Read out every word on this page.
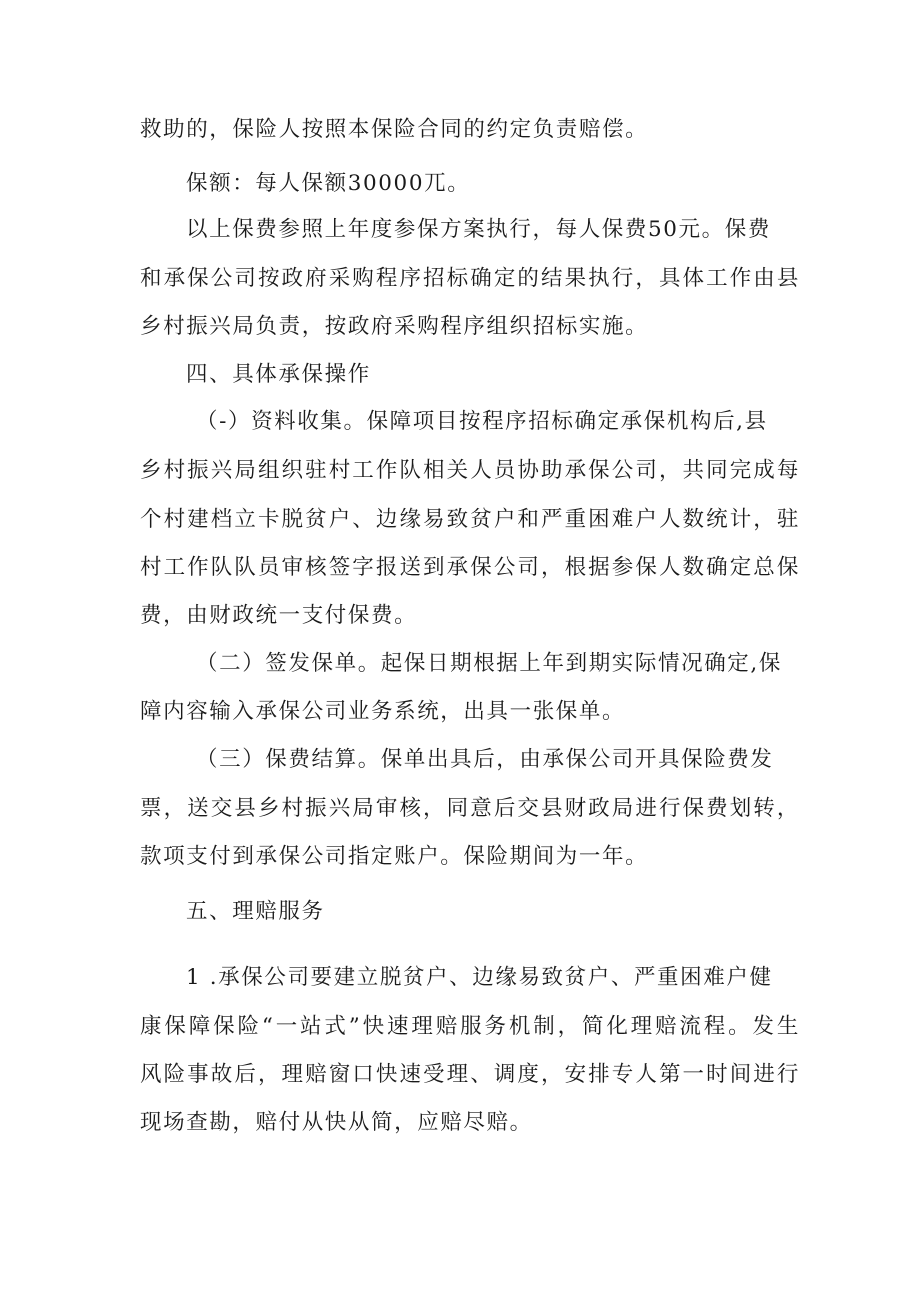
救助的，保险人按照本保险合同的约定负责赔偿。
保额：每人保额30000兀。
以上保费参照上年度参保方案执行，每人保费50元。保费
和承保公司按政府采购程序招标确定的结果执行，具体工作由县
乡村振兴局负责，按政府采购程序组织招标实施。
四、具体承保操作
（-）资料收集。保障项目按程序招标确定承保机构后,县
乡村振兴局组织驻村工作队相关人员协助承保公司，共同完成每
个村建档立卡脱贫户、边缘易致贫户和严重困难户人数统计，驻
村工作队队员审核签字报送到承保公司，根据参保人数确定总保
费，由财政统一支付保费。
（二）签发保单。起保日期根据上年到期实际情况确定,保
障内容输入承保公司业务系统，出具一张保单。
（三）保费结算。保单出具后，由承保公司开具保险费发
票，送交县乡村振兴局审核，同意后交县财政局进行保费划转，
款项支付到承保公司指定账户。保险期间为一年。
五、理赔服务
1 .承保公司要建立脱贫户、边缘易致贫户、严重困难户健
康保障保险“一站式”快速理赔服务机制，简化理赔流程。发生
风险事故后，理赔窗口快速受理、调度，安排专人第一时间进行
现场查勘，赔付从快从简，应赔尽赔。
